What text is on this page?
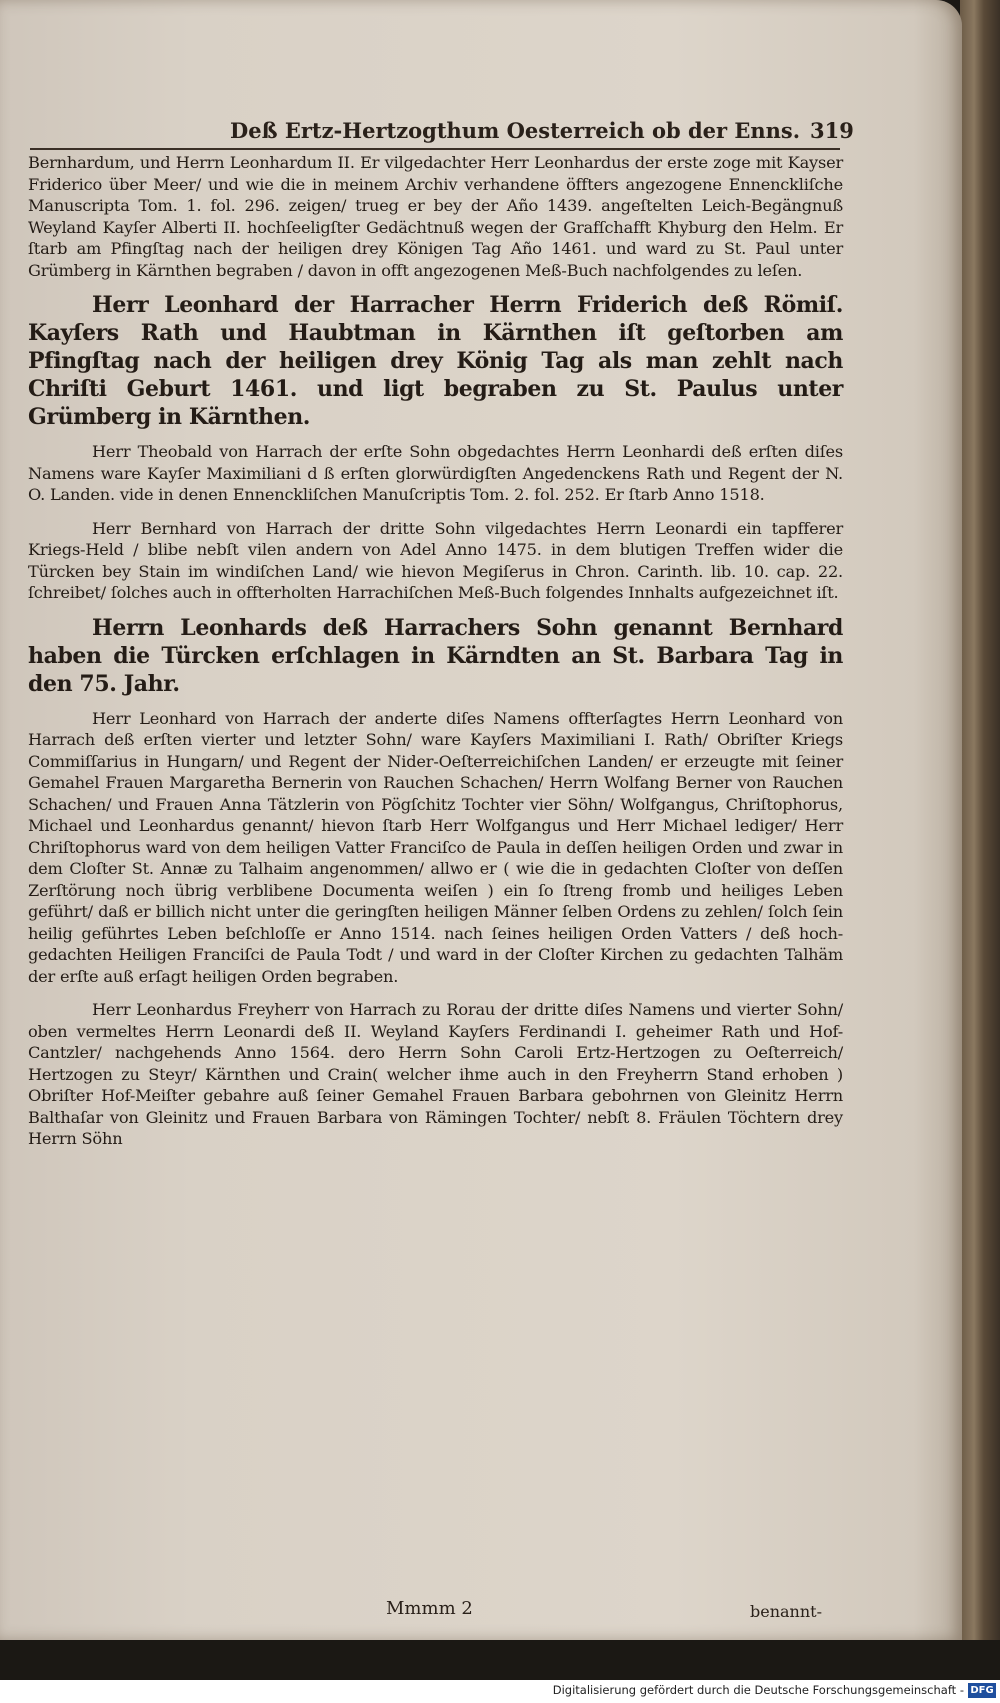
Deß Ertz-Hertzogthum Oesterreich ob der Enns. 319

Bernhardum, und Herrn Leonhardum II. Er vilgedachter Herr Leonhardus der erste zoge mit Kayser Friderico über Meer/ und wie die in meinem Archiv verhandene öffters angezogene Ennenckliſche Manuscripta Tom. 1. fol. 296. zeigen/ trueg er bey der Año 1439. angeſtelten Leich-Begängnuß Weyland Kayſer Alberti II. hochſeeligſter Gedächtnuß wegen der Grafſchafft Khyburg den Helm. Er ſtarb am Pfingſtag nach der heiligen drey Königen Tag Año 1461. und ward zu St. Paul unter Grümberg in Kärnthen begraben / davon in offt angezogenen Meß-Buch nachfolgendes zu leſen.

Herr Leonhard der Harracher Herrn Friderich deß Römiſ. Kayſers Rath und Haubtman in Kärnthen iſt geſtorben am Pfingſtag nach der heiligen drey König Tag als man zehlt nach Chriſti Geburt 1461. und ligt begraben zu St. Paulus unter Grümberg in Kärnthen.

Herr Theobald von Harrach der erſte Sohn obgedachtes Herrn Leonhardi deß erſten diſes Namens ware Kayſer Maximiliani d ß erſten glorwürdigſten Angedenckens Rath und Regent der N. O. Landen. vide in denen Ennenckliſchen Manuſcriptis Tom. 2. fol. 252. Er ſtarb Anno 1518.

Herr Bernhard von Harrach der dritte Sohn vilgedachtes Herrn Leonardi ein tapfferer Kriegs-Held / blibe nebſt vilen andern von Adel Anno 1475. in dem blutigen Treffen wider die Türcken bey Stain im windiſchen Land/ wie hievon Megiſerus in Chron. Carinth. lib. 10. cap. 22. ſchreibet/ ſolches auch in offterholten Harrachiſchen Meß-Buch folgendes Innhalts aufgezeichnet iſt.

Herrn Leonhards deß Harrachers Sohn genannt Bernhard haben die Türcken erſchlagen in Kärndten an St. Barbara Tag in den 75. Jahr.

Herr Leonhard von Harrach der anderte diſes Namens offterſagtes Herrn Leonhard von Harrach deß erſten vierter und letzter Sohn/ ware Kayſers Maximiliani I. Rath/ Obriſter Kriegs Commiſſarius in Hungarn/ und Regent der Nider-Oeſterreichiſchen Landen/ er erzeugte mit ſeiner Gemahel Frauen Margaretha Bernerin von Rauchen Schachen/ Herrn Wolfang Berner von Rauchen Schachen/ und Frauen Anna Tätzlerin von Pögſchitz Tochter vier Söhn/ Wolfgangus, Chriſtophorus, Michael und Leonhardus genannt/ hievon ſtarb Herr Wolfgangus und Herr Michael lediger/ Herr Chriſtophorus ward von dem heiligen Vatter Franciſco de Paula in deſſen heiligen Orden und zwar in dem Cloſter St. Annæ zu Talhaim angenommen/ allwo er ( wie die in gedachten Cloſter von deſſen Zerſtörung noch übrig verblibene Documenta weiſen ) ein ſo ſtreng fromb und heiliges Leben geführt/ daß er billich nicht unter die geringſten heiligen Männer ſelben Ordens zu zehlen/ ſolch ſein heilig geführtes Leben beſchloſſe er Anno 1514. nach ſeines heiligen Orden Vatters / deß hoch-gedachten Heiligen Franciſci de Paula Todt / und ward in der Cloſter Kirchen zu gedachten Talhäm der erſte auß erſagt heiligen Orden begraben.

Herr Leonhardus Freyherr von Harrach zu Rorau der dritte diſes Namens und vierter Sohn/ oben vermeltes Herrn Leonardi deß II. Weyland Kayſers Ferdinandi I. geheimer Rath und Hof-Cantzler/ nachgehends Anno 1564. dero Herrn Sohn Caroli Ertz-Hertzogen zu Oeſterreich/ Hertzogen zu Steyr/ Kärnthen und Crain( welcher ihme auch in den Freyherrn Stand erhoben ) Obriſter Hof-Meiſter gebahre auß ſeiner Gemahel Frauen Barbara gebohrnen von Gleinitz Herrn Balthaſar von Gleinitz und Frauen Barbara von Rämingen Tochter/ nebſt 8. Fräulen Töchtern drey Herrn Söhn

Mmmm 2	benannt-
Digitalisierung gefördert durch die Deutsche Forschungsgemeinschaft - DFG
